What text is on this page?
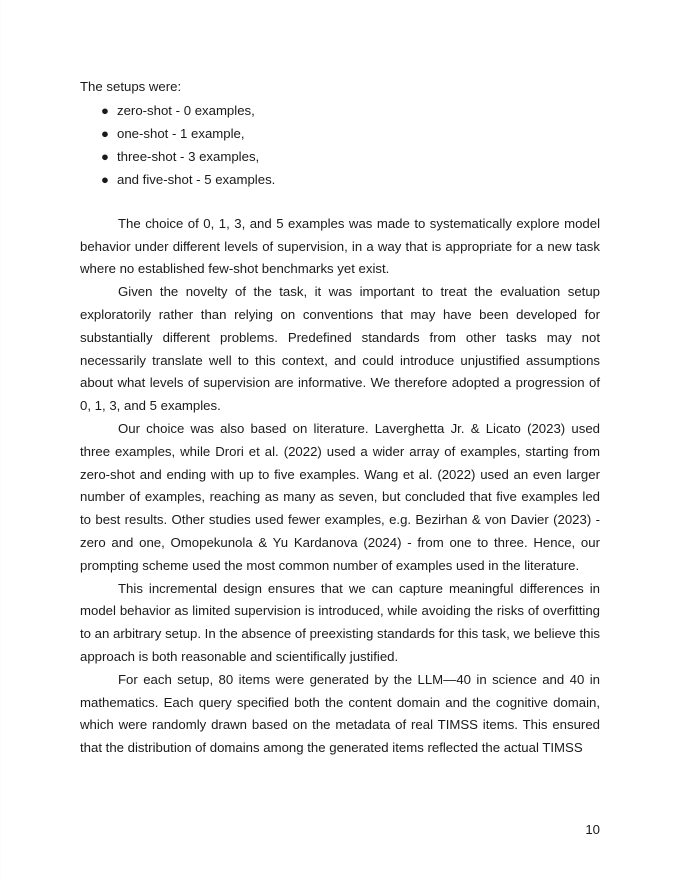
The setups were:

● zero-shot - 0 examples,
● one-shot - 1 example,
● three-shot - 3 examples,
● and five-shot - 5 examples.

The choice of 0, 1, 3, and 5 examples was made to systematically explore model behavior under different levels of supervision, in a way that is appropriate for a new task where no established few-shot benchmarks yet exist.

Given the novelty of the task, it was important to treat the evaluation setup exploratorily rather than relying on conventions that may have been developed for substantially different problems. Predefined standards from other tasks may not necessarily translate well to this context, and could introduce unjustified assumptions about what levels of supervision are informative. We therefore adopted a progression of 0, 1, 3, and 5 examples.

Our choice was also based on literature. Laverghetta Jr. & Licato (2023) used three examples, while Drori et al. (2022) used a wider array of examples, starting from zero-shot and ending with up to five examples. Wang et al. (2022) used an even larger number of examples, reaching as many as seven, but concluded that five examples led to best results. Other studies used fewer examples, e.g. Bezirhan & von Davier (2023) - zero and one, Omopekunola & Yu Kardanova (2024) - from one to three. Hence, our prompting scheme used the most common number of examples used in the literature.

This incremental design ensures that we can capture meaningful differences in model behavior as limited supervision is introduced, while avoiding the risks of overfitting to an arbitrary setup. In the absence of preexisting standards for this task, we believe this approach is both reasonable and scientifically justified.

For each setup, 80 items were generated by the LLM—40 in science and 40 in mathematics. Each query specified both the content domain and the cognitive domain, which were randomly drawn based on the metadata of real TIMSS items. This ensured that the distribution of domains among the generated items reflected the actual TIMSS

10
